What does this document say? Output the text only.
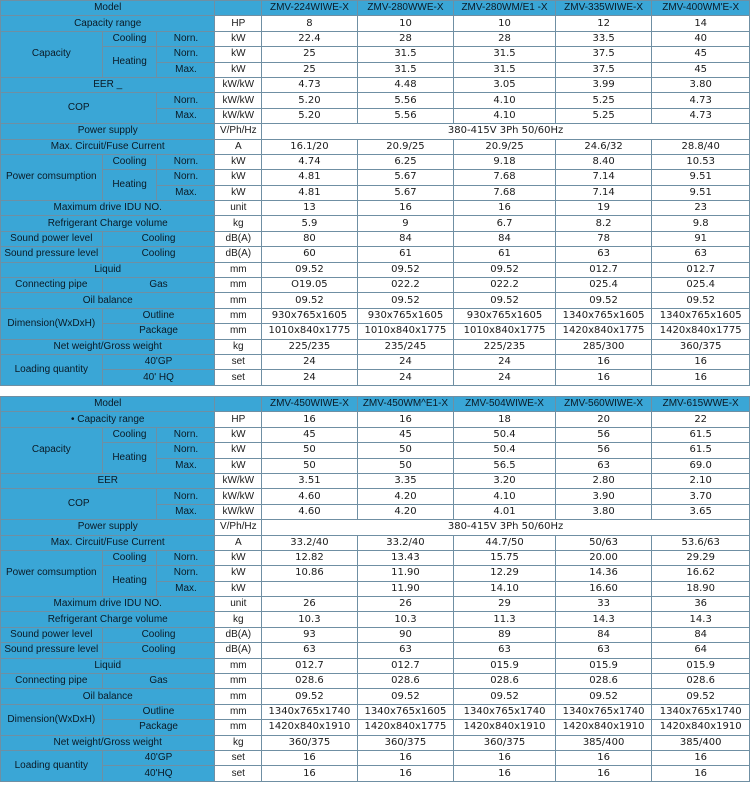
Model				ZMV-224WIWE-X	ZMV-280WWE-X	ZMV-280WM/E1 -X	ZMV-335WIWE-X	ZMV-400WM'E-X
Capacity range			HP	8	10	10	12	14
Capacity	Cooling	Norn.	kW	22.4	28	28	33.5	40
	Heating	Norn.	kW	25	31.5	31.5	37.5	45
		Max.	kW	25	31.5	31.5	37.5	45
EER _			kW/kW	4.73	4.48	3.05	3.99	3.80
COP		Norn.	kW/kW	5.20	5.56	4.10	5.25	4.73
		Max.	kW/kW	5.20	5.56	4.10	5.25	4.73
Power supply			V/Ph/Hz	380-415V 3Ph 50/60Hz				
Max. Circuit/Fuse Current			A	16.1/20	20.9/25	20.9/25	24.6/32	28.8/40
Power comsumption	Cooling	Norn.	kW	4.74	6.25	9.18	8.40	10.53
	Heating	Norn.	kW	4.81	5.67	7.68	7.14	9.51
		Max.	kW	4.81	5.67	7.68	7.14	9.51
Maximum drive IDU NO.			unit	13	16	16	19	23
Refrigerant Charge volume			kg	5.9	9	6.7	8.2	9.8
Sound power level	Cooling		dB(A)	80	84	84	78	91
Sound pressure level	Cooling		dB(A)	60	61	61	63	63
Liquid			mm	09.52	09.52	09.52	012.7	012.7
Connecting pipe	Gas		mm	O19.05	022.2	022.2	025.4	025.4
Oil balance			mm	09.52	09.52	09.52	09.52	09.52
Dimension(WxDxH)	Outline		mm	930x765x1605	930x765x1605	930x765x1605	1340x765x1605	1340x765x1605
	Package		mm	1010x840x1775	1010x840x1775	1010x840x1775	1420x840x1775	1420x840x1775
Net weight/Gross weight			kg	225/235	235/245	225/235	285/300	360/375
Loading quantity	40'GP		set	24	24	24	16	16
	40' HQ		set	24	24	24	16	16
Model				ZMV-450WIWE-X	ZMV-450WM^E1-X	ZMV-504WIWE-X	ZMV-560WIWE-X	ZMV-615WWE-X
• Capacity range			HP	16	16	18	20	22
Capacity	Cooling	Norn.	kW	45	45	50.4	56	61.5
	Heating	Norn.	kW	50	50	50.4	56	61.5
		Max.	kW	50	50	56.5	63	69.0
EER			kW/kW	3.51	3.35	3.20	2.80	2.10
COP		Norn.	kW/kW	4.60	4.20	4.10	3.90	3.70
		Max.	kW/kW	4.60	4.20	4.01	3.80	3.65
Power supply			V/Ph/Hz	380-415V 3Ph 50/60Hz				
Max. Circuit/Fuse Current			A	33.2/40	33.2/40	44.7/50	50/63	53.6/63
Power comsumption	Cooling	Norn.	kW	12.82	13.43	15.75	20.00	29.29
	Heating	Norn.	kW	10.86	11.90	12.29	14.36	16.62
		Max.	kW		11.90	14.10	16.60	18.90
Maximum drive IDU NO.			unit	26	26	29	33	36
Refrigerant Charge volume			kg	10.3	10.3	11.3	14.3	14.3
Sound power level	Cooling		dB(A)	93	90	89	84	84
Sound pressure level	Cooling		dB(A)	63	63	63	63	64
Liquid			mm	012.7	012.7	015.9	015.9	015.9
Connecting pipe	Gas		mm	028.6	028.6	028.6	028.6	028.6
Oil balance			mm	09.52	09.52	09.52	09.52	09.52
Dimension(WxDxH)	Outline		mm	1340x765x1740	1340x765x1605	1340x765x1740	1340x765x1740	1340x765x1740
	Package		mm	1420x840x1910	1420x840x1775	1420x840x1910	1420x840x1910	1420x840x1910
Net weight/Gross weight			kg	360/375	360/375	360/375	385/400	385/400
Loading quantity	40'GP		set	16	16	16	16	16
	40'HQ		set	16	16	16	16	16
